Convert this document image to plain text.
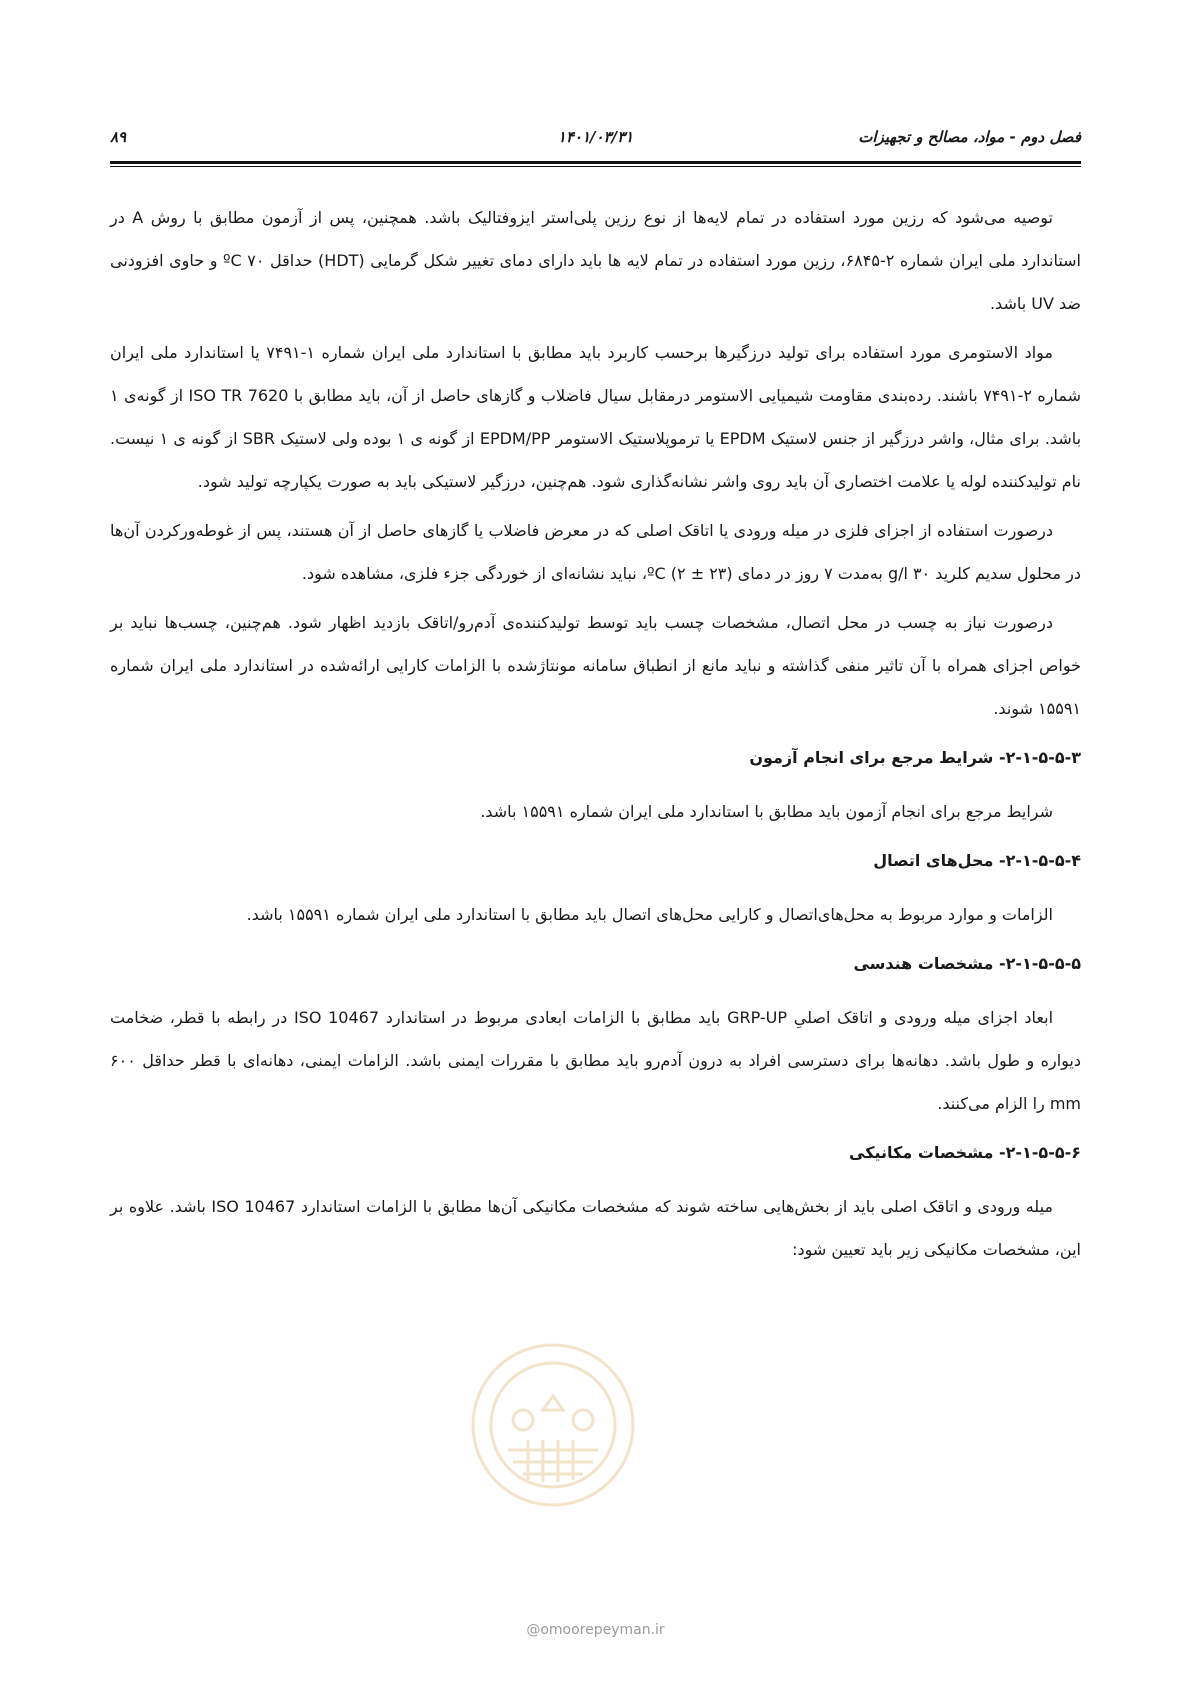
فصل دوم - مواد، مصالح و تجهیزات
۱۴۰۱/۰۳/۳۱
۸۹

توصیه می‌شود که رزین مورد استفاده در تمام لایه‌ها از نوع رزین پلی‌استر ایزوفتالیک باشد. همچنین، پس از آزمون مطابق با روش A در استاندارد ملی ایران شماره ۲-۶۸۴۵، رزین مورد استفاده در تمام لایه ها باید دارای دمای تغییر شکل گرمایی (HDT) حداقل ۷۰ ºC و حاوی افزودنی ضد UV باشد.

مواد الاستومری مورد استفاده برای تولید درزگیرها برحسب کاربرد باید مطابق با استاندارد ملی ایران شماره ۱-۷۴۹۱ یا استاندارد ملی ایران شماره ۲-۷۴۹۱ باشند. رده‌بندی مقاومت شیمیایی الاستومر درمقابل سیال فاضلاب و گازهای حاصل از آن، باید مطابق با ISO TR 7620 از گونه‌ی ۱ باشد. برای مثال، واشر درزگیر از جنس لاستیک EPDM یا ترموپلاستیک الاستومر EPDM/PP از گونه ی ۱ بوده ولی لاستیک SBR از گونه ی ۱ نیست. نام تولیدکننده لوله یا علامت اختصاری آن باید روی واشر نشانه‌گذاری شود. هم‌چنین، درزگیر لاستیکی باید به صورت یکپارچه تولید شود.

درصورت استفاده از اجزای فلزی در میله ورودی یا اتاقک اصلی که در معرض فاضلاب یا گازهای حاصل از آن هستند، پس از غوطه‌ورکردن آن‌ها در محلول سدیم کلرید ۳۰ g/l به‌مدت ۷ روز در دمای ºC (۲ ± ۲۳)، نباید نشانه‌ای از خوردگی جزء فلزی، مشاهده شود.

درصورت نیاز به چسب در محل اتصال، مشخصات چسب باید توسط تولیدکننده‌ی آدم‌رو/اتاقک بازدید اظهار شود. هم‌چنین، چسب‌ها نباید بر خواص اجزای همراه با آن تاثیر منفی گذاشته و نباید مانع از انطباق سامانه مونتاژشده با الزامات کارایی ارائه‌شده در استاندارد ملی ایران شماره ۱۵۵۹۱ شوند.

۲-۱-۵-۵-۳- شرایط مرجع برای انجام آزمون

شرایط مرجع برای انجام آزمون باید مطابق با استاندارد ملی ایران شماره ۱۵۵۹۱ باشد.

۲-۱-۵-۵-۴- محل‌های اتصال

الزامات و موارد مربوط به محل‌های‌اتصال و کارایی محل‌های اتصال باید مطابق با استاندارد ملی ایران شماره ۱۵۵۹۱ باشد.

۲-۱-۵-۵-۵- مشخصات هندسی

ابعاد اجزای میله ورودی و اتاقک اصلیِ GRP-UP باید مطابق با الزامات ابعادی مربوط در استاندارد ISO 10467 در رابطه با قطر، ضخامت دیواره و طول باشد. دهانه‌ها برای دسترسی افراد به درون آدم‌رو باید مطابق با مقررات ایمنی باشد. الزامات ایمنی، دهانه‌ای با قطر حداقل ۶۰۰ mm را الزام می‌کنند.

۲-۱-۵-۵-۶- مشخصات مکانیکی

میله ورودی و اتاقک اصلی باید از بخش‌هایی ساخته شوند که مشخصات مکانیکی آن‌ها مطابق با الزامات استاندارد ISO 10467 باشد. علاوه بر این، مشخصات مکانیکی زیر باید تعیین شود:

@omoorepeyman.ir
